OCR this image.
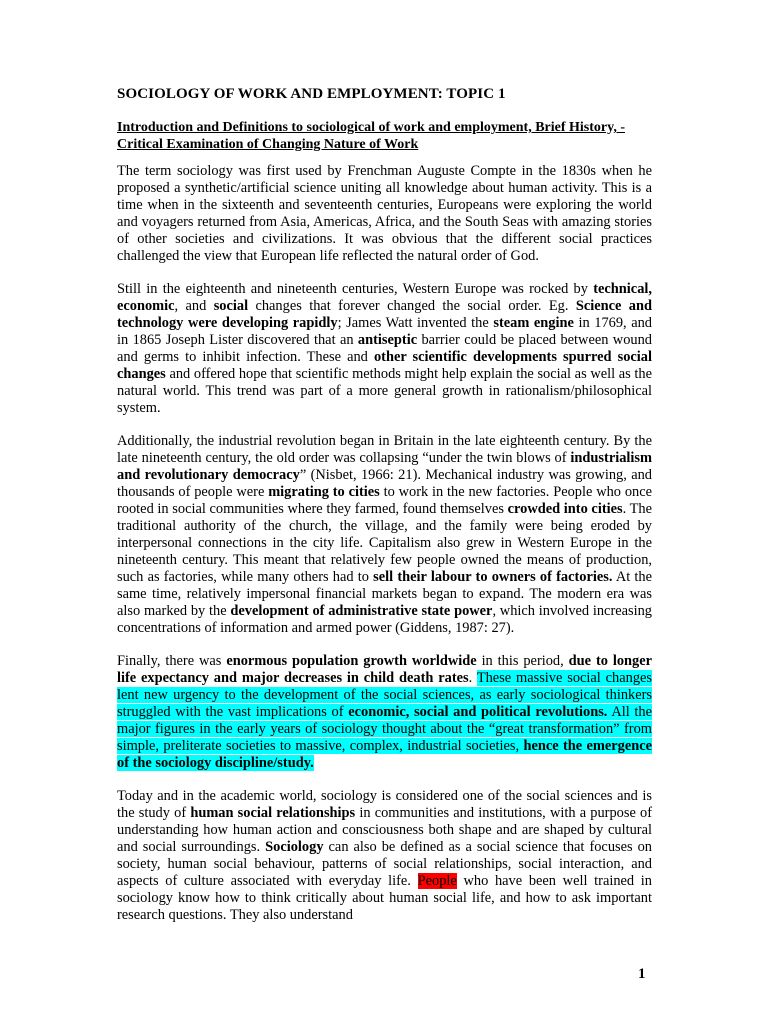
SOCIOLOGY OF WORK AND EMPLOYMENT: TOPIC 1
Introduction and Definitions to sociological of work and employment, Brief History, - Critical Examination of Changing Nature of Work

The term sociology was first used by Frenchman Auguste Compte in the 1830s when he proposed a synthetic/artificial science uniting all knowledge about human activity. This is a time when in the sixteenth and seventeenth centuries, Europeans were exploring the world and voyagers returned from Asia, Americas, Africa, and the South Seas with amazing stories of other societies and civilizations. It was obvious that the different social practices challenged the view that European life reflected the natural order of God.

Still in the eighteenth and nineteenth centuries, Western Europe was rocked by technical, economic, and social changes that forever changed the social order. Eg. Science and technology were developing rapidly; James Watt invented the steam engine in 1769, and in 1865 Joseph Lister discovered that an antiseptic barrier could be placed between wound and germs to inhibit infection. These and other scientific developments spurred social changes and offered hope that scientific methods might help explain the social as well as the natural world. This trend was part of a more general growth in rationalism/philosophical system.

Additionally, the industrial revolution began in Britain in the late eighteenth century. By the late nineteenth century, the old order was collapsing “under the twin blows of industrialism and revolutionary democracy” (Nisbet, 1966: 21). Mechanical industry was growing, and thousands of people were migrating to cities to work in the new factories. People who once rooted in social communities where they farmed, found themselves crowded into cities. The traditional authority of the church, the village, and the family were being eroded by interpersonal connections in the city life. Capitalism also grew in Western Europe in the nineteenth century. This meant that relatively few people owned the means of production, such as factories, while many others had to sell their labour to owners of factories. At the same time, relatively impersonal financial markets began to expand. The modern era was also marked by the development of administrative state power, which involved increasing concentrations of information and armed power (Giddens, 1987: 27).

Finally, there was enormous population growth worldwide in this period, due to longer life expectancy and major decreases in child death rates. These massive social changes lent new urgency to the development of the social sciences, as early sociological thinkers struggled with the vast implications of economic, social and political revolutions. All the major figures in the early years of sociology thought about the “great transformation” from simple, preliterate societies to massive, complex, industrial societies, hence the emergence of the sociology discipline/study.

Today and in the academic world, sociology is considered one of the social sciences and is the study of human social relationships in communities and institutions, with a purpose of understanding how human action and consciousness both shape and are shaped by cultural and social surroundings. Sociology can also be defined as a social science that focuses on society, human social behaviour, patterns of social relationships, social interaction, and aspects of culture associated with everyday life. People who have been well trained in sociology know how to think critically about human social life, and how to ask important research questions. They also understand

1
